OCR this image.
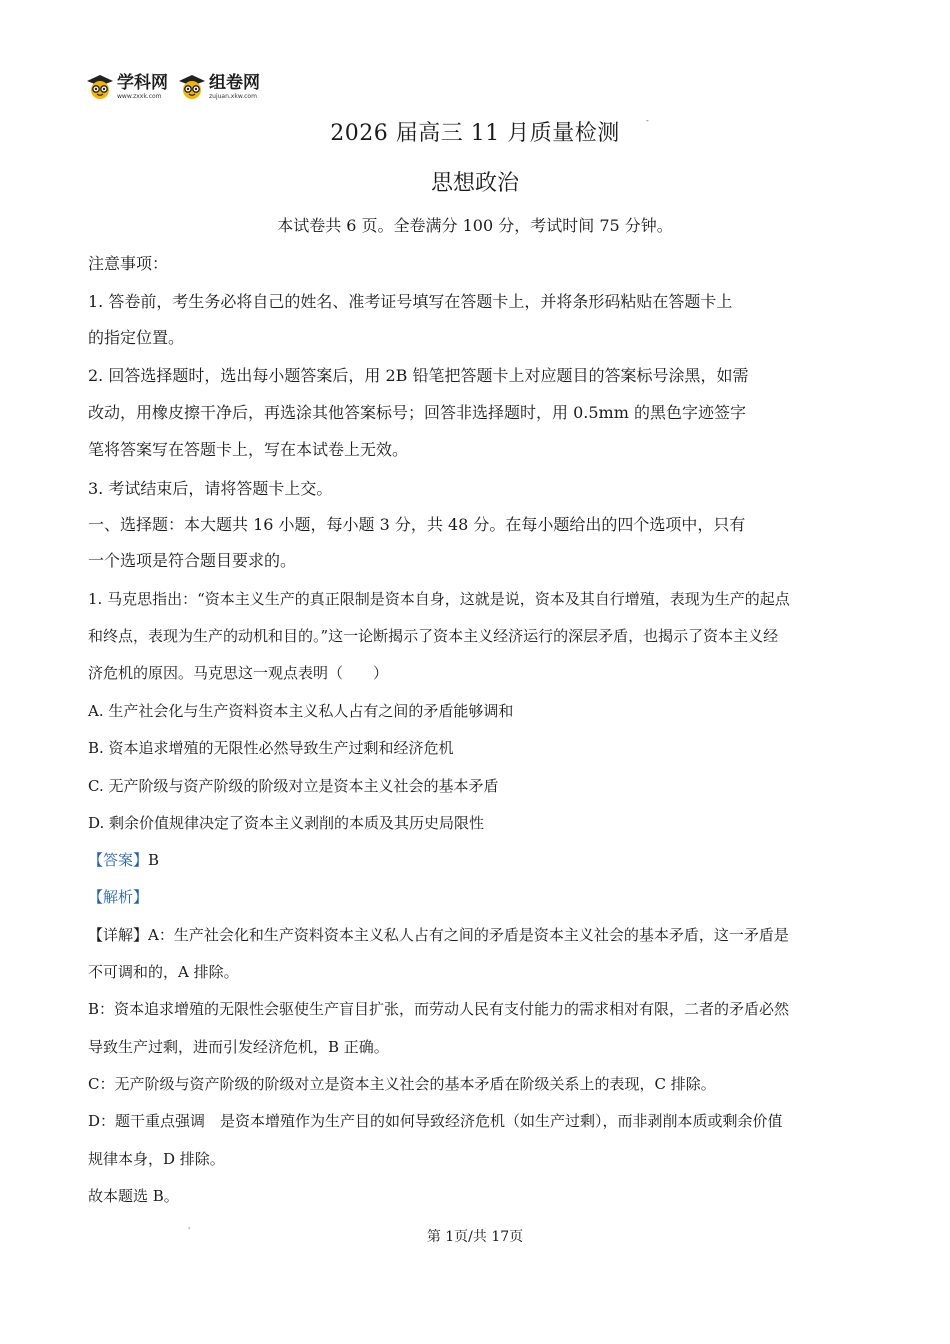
学科网
www.zxxk.com
组卷网
zujuan.xkw.com
2026 届高三 11 月质量检测
-
思想政治
本试卷共 6 页。全卷满分 100 分，考试时间 75 分钟。
注意事项：
1. 答卷前，考生务必将自己的姓名、准考证号填写在答题卡上，并将条形码粘贴在答题卡上
的指定位置。
2. 回答选择题时，选出每小题答案后，用 2B 铅笔把答题卡上对应题目的答案标号涂黑，如需
改动，用橡皮擦干净后，再选涂其他答案标号；回答非选择题时，用 0.5mm 的黑色字迹签字
笔将答案写在答题卡上，写在本试卷上无效。
3. 考试结束后，请将答题卡上交。
一、选择题：本大题共 16 小题，每小题 3 分，共 48 分。在每小题给出的四个选项中，只有
一个选项是符合题目要求的。
1. 马克思指出：“资本主义生产的真正限制是资本自身，这就是说，资本及其自行增殖，表现为生产的起点
和终点，表现为生产的动机和目的。”这一论断揭示了资本主义经济运行的深层矛盾，也揭示了资本主义经
济危机的原因。马克思这一观点表明（　　）
A. 生产社会化与生产资料资本主义私人占有之间的矛盾能够调和
B. 资本追求增殖的无限性必然导致生产过剩和经济危机
C. 无产阶级与资产阶级的阶级对立是资本主义社会的基本矛盾
D. 剩余价值规律决定了资本主义剥削的本质及其历史局限性
【答案】B
【解析】
【详解】A：生产社会化和生产资料资本主义私人占有之间的矛盾是资本主义社会的基本矛盾，这一矛盾是
不可调和的，A 排除。
B：资本追求增殖的无限性会驱使生产盲目扩张，而劳动人民有支付能力的需求相对有限，二者的矛盾必然
导致生产过剩，进而引发经济危机，B 正确。
C：无产阶级与资产阶级的阶级对立是资本主义社会的基本矛盾在阶级关系上的表现，C 排除。
D：题干重点强调　是资本增殖作为生产目的如何导致经济危机（如生产过剩），而非剥削本质或剩余价值
规律本身，D 排除。
故本题选 B。
'	第 1页/共 17页
